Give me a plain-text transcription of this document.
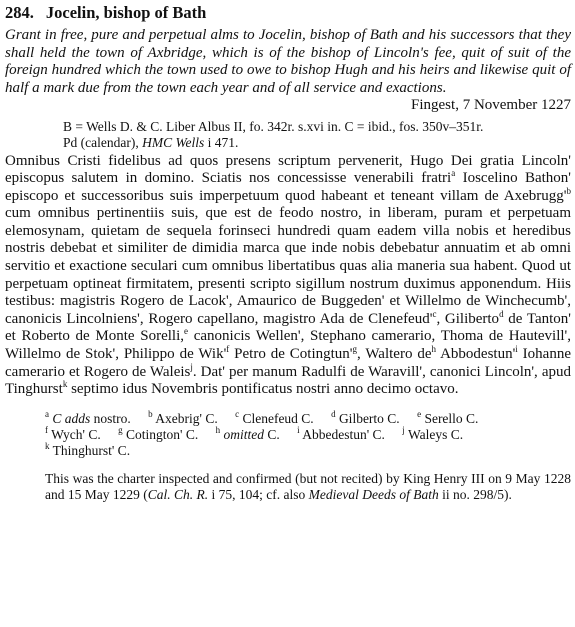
284. Jocelin, bishop of Bath

Grant in free, pure and perpetual alms to Jocelin, bishop of Bath and his successors that they shall held the town of Axbridge, which is of the bishop of Lincoln's fee, quit of suit of the foreign hundred which the town used to owe to bishop Hugh and his heirs and likewise quit of half a mark due from the town each year and of all service and exactions.
Fingest, 7 November 1227

B = Wells D. & C. Liber Albus II, fo. 342r. s.xvi in. C = ibid., fos. 350v–351r.
Pd (calendar), HMC Wells i 471.

Omnibus Cristi fidelibus ad quos presens scriptum pervenerit, Hugo Dei gratia Lincoln' episcopus salutem in domino. Sciatis nos concessisse venerabili fratri$^a$ Ioscelino Bathon' episcopo et successoribus suis imperpetuum quod habeant et teneant villam de $Axebrugg'^b$ cum omnibus pertinentiis suis, que est de feodo nostro, in liberam, puram et perpetuam elemosynam, quietam de sequela forinseci hundredi quam eadem villa nobis et heredibus nostris debebat et similiter de dimidia marca que inde nobis debebatur annuatim et ab omni servitio et exactione seculari cum omnibus libertatibus quas alia maneria sua habent. Quod ut perpetuam optineat firmitatem, presenti scripto sigillum nostrum duximus apponendum. Hiis testibus: magistris Rogero de Lacok', Amaurico de Buggeden' et Willelmo de Winchecumb', canonicis Lincolniens', Rogero capellano, magistro Ada de $Clenefeud'^c$, Giliberto$^d$ de Tanton' et Roberto de Monte Sorelli,$^e$ canonicis Wellen', Stephano camerario, Thoma de Hautevill', Willelmo de Stok', Philippo de $Wik'^f$ Petro de $Cotingtun'^g$, Waltero $de^h$ $Abbodestun'^i$ Iohanne camerario et Rogero de Waleis$^j$. Dat' per manum Radulfi de Waravill', canonici Lincoln', apud Tinghurst$^k$ septimo idus Novembris pontificatus nostri anno decimo octavo.

$^a$ C adds nostro. $^b$ Axebrig' C. $^c$ Clenefeud C. $^d$ Gilberto C. $^e$ Serello C.
$^f$ Wych' C. $^g$ Cotington' C. $^h$ omitted C. $^i$ Abbedestun' C. $^j$ Waleys C.
$^k$ Thinghurst' C.
This was the charter inspected and confirmed (but not recited) by King Henry III on 9 May 1228 and 15 May 1229 (Cal. Ch. R. i 75, 104; cf. also Medieval Deeds of Bath ii no. 298/5).
